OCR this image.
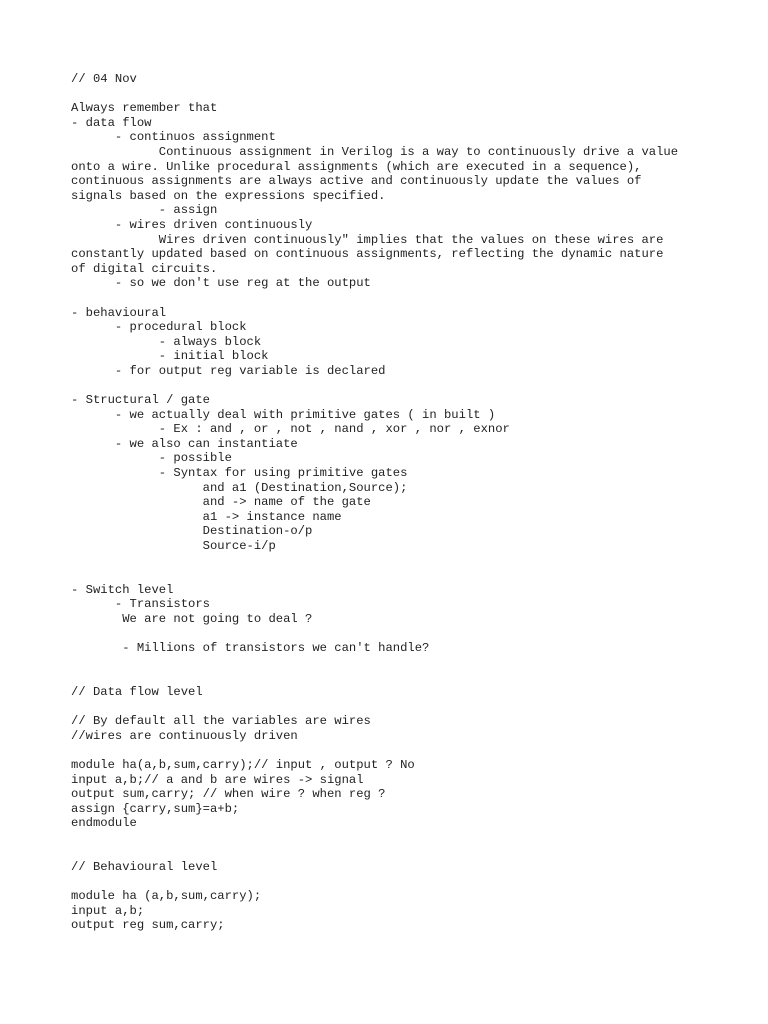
// 04 Nov
Always remember that
- data flow
- continuos assignment
Continuous assignment in Verilog is a way to continuously drive a value
onto a wire. Unlike procedural assignments (which are executed in a sequence),
continuous assignments are always active and continuously update the values of
signals based on the expressions specified.
- assign
- wires driven continuously
Wires driven continuously" implies that the values on these wires are
constantly updated based on continuous assignments, reflecting the dynamic nature
of digital circuits.
- so we don't use reg at the output
- behavioural
- procedural block
- always block
- initial block
- for output reg variable is declared
- Structural / gate
- we actually deal with primitive gates ( in built )
- Ex : and , or , not , nand , xor , nor , exnor
- we also can instantiate
- possible
- Syntax for using primitive gates
and a1 (Destination,Source);
and -> name of the gate
a1 -> instance name
Destination-o/p
Source-i/p
- Switch level
- Transistors
We are not going to deal ?
- Millions of transistors we can't handle?
// Data flow level
// By default all the variables are wires
//wires are continuously driven
module ha(a,b,sum,carry);// input , output ? No
input a,b;// a and b are wires -> signal
output sum,carry; // when wire ? when reg ?
assign {carry,sum}=a+b;
endmodule
// Behavioural level
module ha (a,b,sum,carry);
input a,b;
output reg sum,carry;
